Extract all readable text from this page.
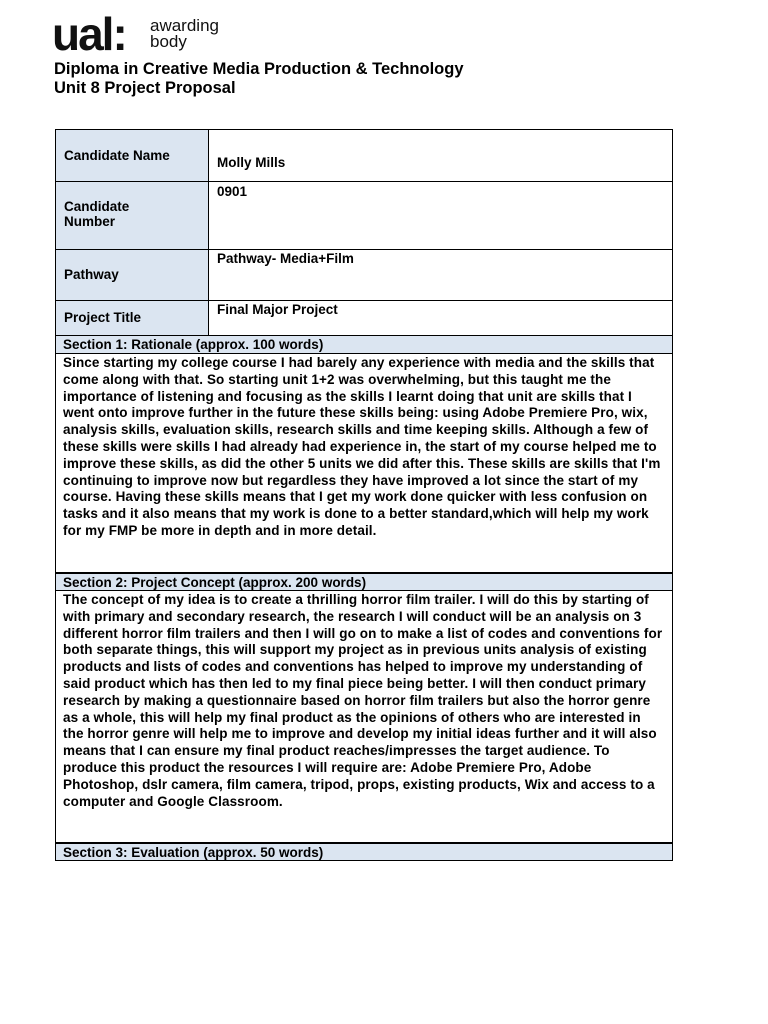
ual: awarding
body
Diploma in Creative Media Production & Technology
Unit 8 Project Proposal
Candidate Name	Molly Mills

Candidate Number	0901

Pathway	Pathway- Media+Film

Project Title	Final Major Project
Section 1: Rationale (approx. 100 words)
Since starting my college course I had barely any experience with media and the skills that come along with that. So starting unit 1+2 was overwhelming, but this taught me the importance of listening and focusing as the skills I learnt doing that unit are skills that I went onto improve further in the future these skills being: using Adobe Premiere Pro, wix, analysis skills, evaluation skills, research skills and time keeping skills. Although a few of these skills were skills I had already had experience in, the start of my course helped me to improve these skills, as did the other 5 units we did after this. These skills are skills that I'm continuing to improve now but regardless they have improved a lot since the start of my course. Having these skills means that I get my work done quicker with less confusion on tasks and it also means that my work is done to a better standard,which will help my work for my FMP be more in depth and in more detail.
Section 2: Project Concept (approx. 200 words)
The concept of my idea is to create a thrilling horror film trailer. I will do this by starting of with primary and secondary research, the research I will conduct will be an analysis on 3 different horror film trailers and then I will go on to make a list of codes and conventions for both separate things, this will support my project as in previous units analysis of existing products and lists of codes and conventions has helped to improve my understanding of said product which has then led to my final piece being better. I will then conduct primary research by making a questionnaire based on horror film trailers but also the horror genre as a whole, this will help my final product as the opinions of others who are interested in the horror genre will help me to improve and develop my initial ideas further and it will also means that I can ensure my final product reaches/impresses the target audience. To produce this product the resources I will require are: Adobe Premiere Pro, Adobe Photoshop, dslr camera, film camera, tripod, props, existing products, Wix and access to a computer and Google Classroom.
Section 3: Evaluation (approx. 50 words)
